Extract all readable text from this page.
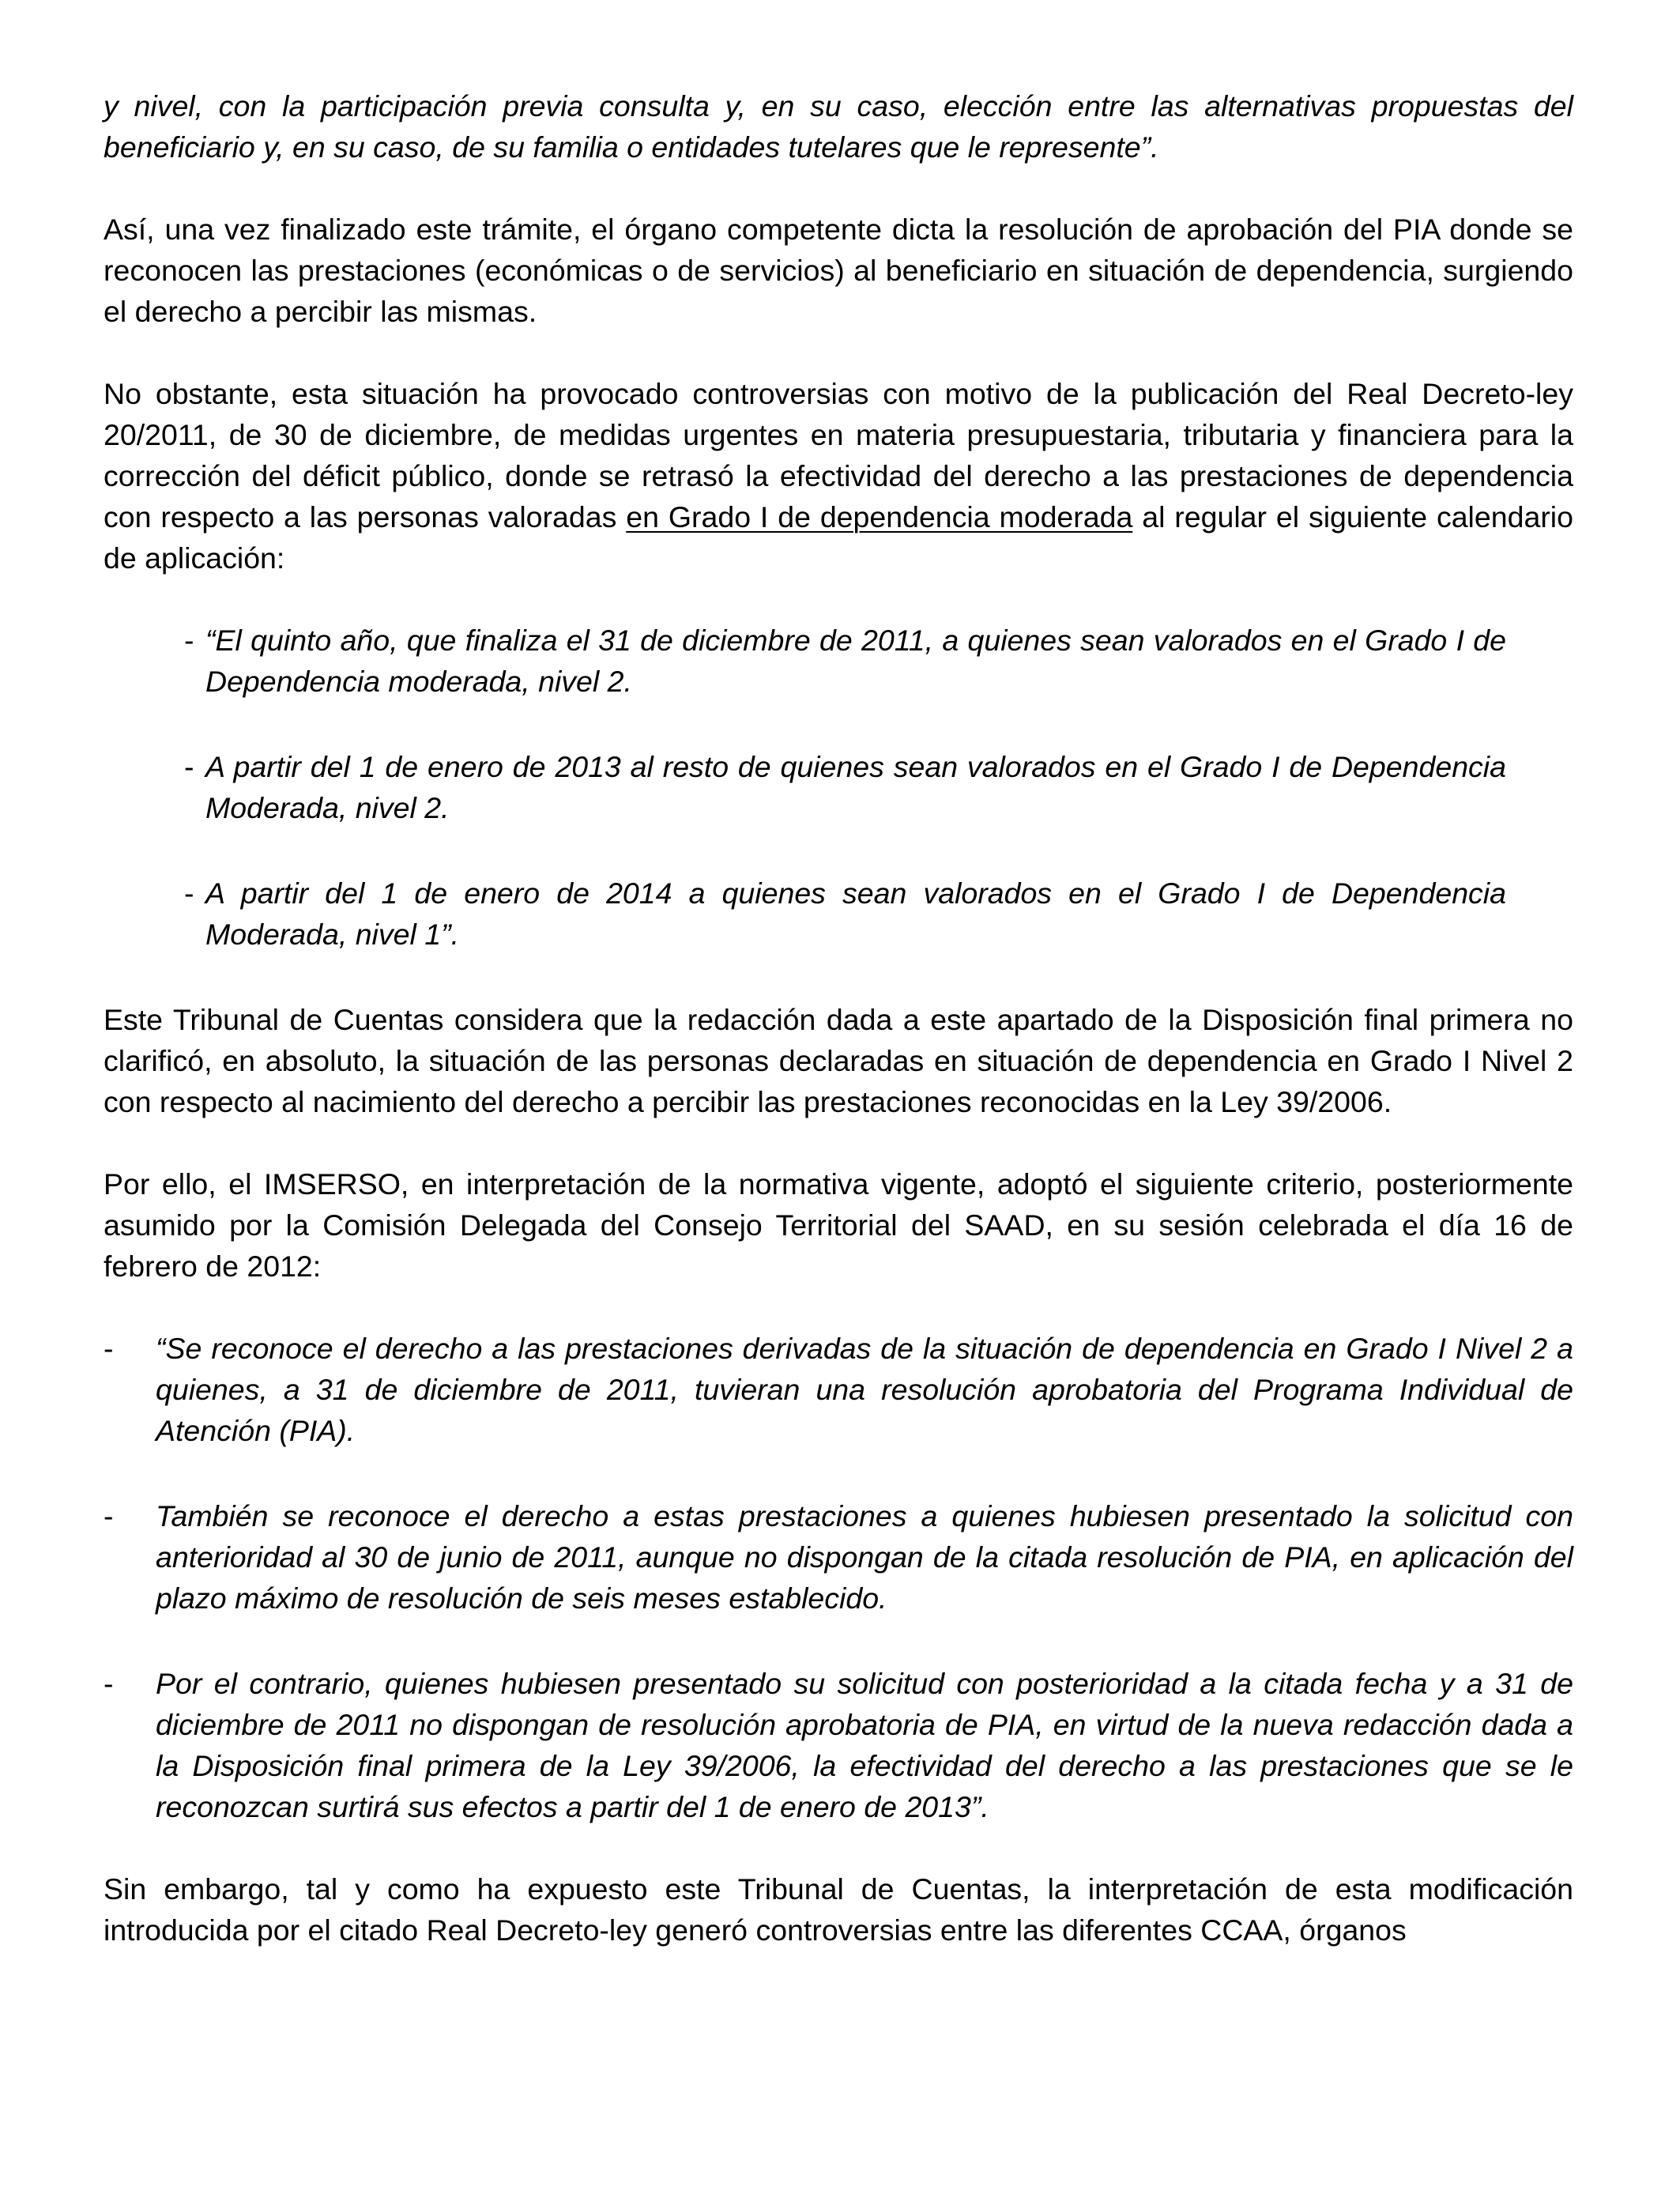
y nivel, con la participación previa consulta y, en su caso, elección entre las alternativas propuestas del beneficiario y, en su caso, de su familia o entidades tutelares que le represente”.

Así, una vez finalizado este trámite, el órgano competente dicta la resolución de aprobación del PIA donde se reconocen las prestaciones (económicas o de servicios) al beneficiario en situación de dependencia, surgiendo el derecho a percibir las mismas.

No obstante, esta situación ha provocado controversias con motivo de la publicación del Real Decreto-ley 20/2011, de 30 de diciembre, de medidas urgentes en materia presupuestaria, tributaria y financiera para la corrección del déficit público, donde se retrasó la efectividad del derecho a las prestaciones de dependencia con respecto a las personas valoradas en Grado I de dependencia moderada al regular el siguiente calendario de aplicación:

- “El quinto año, que finaliza el 31 de diciembre de 2011, a quienes sean valorados en el Grado I de Dependencia moderada, nivel 2.
- A partir del 1 de enero de 2013 al resto de quienes sean valorados en el Grado I de Dependencia Moderada, nivel 2.
- A partir del 1 de enero de 2014 a quienes sean valorados en el Grado I de Dependencia Moderada, nivel 1”.

Este Tribunal de Cuentas considera que la redacción dada a este apartado de la Disposición final primera no clarificó, en absoluto, la situación de las personas declaradas en situación de dependencia en Grado I Nivel 2 con respecto al nacimiento del derecho a percibir las prestaciones reconocidas en la Ley 39/2006.

Por ello, el IMSERSO, en interpretación de la normativa vigente, adoptó el siguiente criterio, posteriormente asumido por la Comisión Delegada del Consejo Territorial del SAAD, en su sesión celebrada el día 16 de febrero de 2012:

- “Se reconoce el derecho a las prestaciones derivadas de la situación de dependencia en Grado I Nivel 2 a quienes, a 31 de diciembre de 2011, tuvieran una resolución aprobatoria del Programa Individual de Atención (PIA).
- También se reconoce el derecho a estas prestaciones a quienes hubiesen presentado la solicitud con anterioridad al 30 de junio de 2011, aunque no dispongan de la citada resolución de PIA, en aplicación del plazo máximo de resolución de seis meses establecido.
- Por el contrario, quienes hubiesen presentado su solicitud con posterioridad a la citada fecha y a 31 de diciembre de 2011 no dispongan de resolución aprobatoria de PIA, en virtud de la nueva redacción dada a la Disposición final primera de la Ley 39/2006, la efectividad del derecho a las prestaciones que se le reconozcan surtirá sus efectos a partir del 1 de enero de 2013”.

Sin embargo, tal y como ha expuesto este Tribunal de Cuentas, la interpretación de esta modificación introducida por el citado Real Decreto-ley generó controversias entre las diferentes CCAA, órganos
